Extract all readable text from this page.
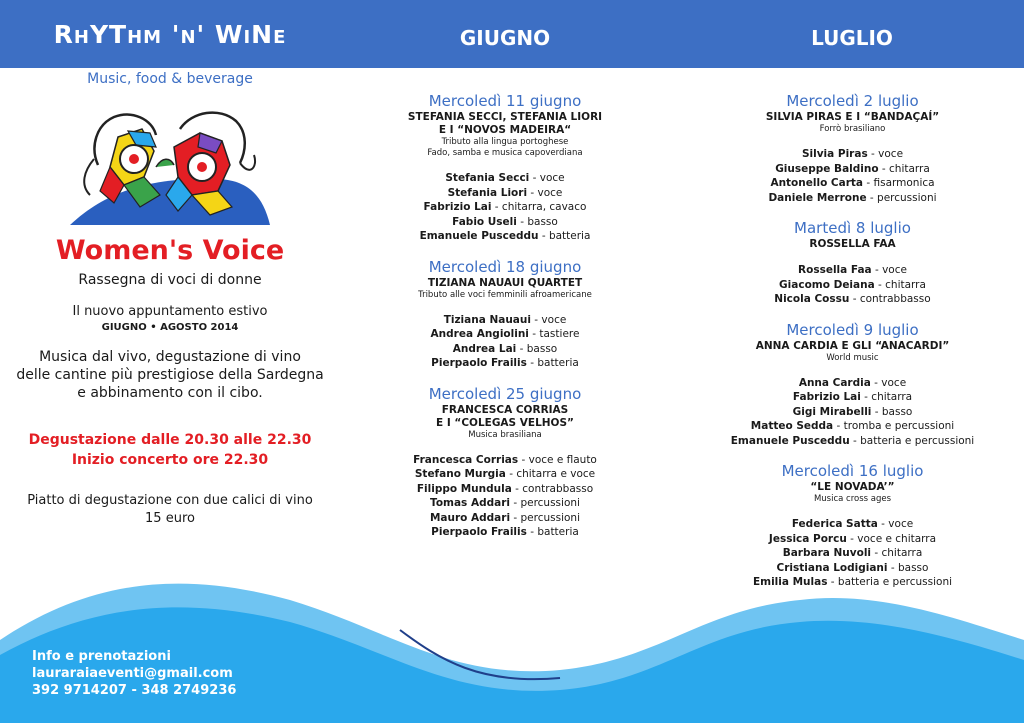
RhYThm 'n' WiNe	GIUGNO	LUGLIO
Music, food & beverage
Women's Voice
Rassegna di voci di donne
Il nuovo appuntamento estivo
GIUGNO • AGOSTO 2014
Musica dal vivo, degustazione di vino
delle cantine più prestigiose della Sardegna
e abbinamento con il cibo.
Degustazione dalle 20.30 alle 22.30
Inizio concerto ore 22.30
Piatto di degustazione con due calici di vino
15 euro
Info e prenotazioni
lauraraiaeventi@gmail.com
392 9714207 - 348 2749236
Mercoledì 11 giugno
STEFANIA SECCI, STEFANIA LIORI
E I “NOVOS MADEIRA“
Tributo alla lingua portoghese
Fado, samba e musica capoverdiana
Stefania Secci - voce
Stefania Liori - voce
Fabrizio Lai - chitarra, cavaco
Fabio Useli - basso
Emanuele Pusceddu - batteria
Mercoledì 18 giugno
TIZIANA NAUAUI QUARTET
Tributo alle voci femminili afroamericane
Tiziana Nauaui - voce
Andrea Angiolini - tastiere
Andrea Lai - basso
Pierpaolo Frailis - batteria
Mercoledì 25 giugno
FRANCESCA CORRIAS
E I “COLEGAS VELHOS”
Musica brasiliana
Francesca Corrias - voce e flauto
Stefano Murgia - chitarra e voce
Filippo Mundula - contrabbasso
Tomas Addari - percussioni
Mauro Addari - percussioni
Pierpaolo Frailis - batteria
Mercoledì 2 luglio
SILVIA PIRAS E I “BANDAÇAÍ”
Forrò brasiliano
Silvia Piras - voce
Giuseppe Baldino - chitarra
Antonello Carta - fisarmonica
Daniele Merrone - percussioni
Martedì 8 luglio
ROSSELLA FAA
Rossella Faa - voce
Giacomo Deiana - chitarra
Nicola Cossu - contrabbasso
Mercoledì 9 luglio
ANNA CARDIA E GLI “ANACARDI”
World music
Anna Cardia - voce
Fabrizio Lai - chitarra
Gigi Mirabelli - basso
Matteo Sedda - tromba e percussioni
Emanuele Pusceddu - batteria e percussioni
Mercoledì 16 luglio
“LE NOVADA’”
Musica cross ages
Federica Satta - voce
Jessica Porcu - voce e chitarra
Barbara Nuvoli - chitarra
Cristiana Lodigiani - basso
Emilia Mulas - batteria e percussioni
